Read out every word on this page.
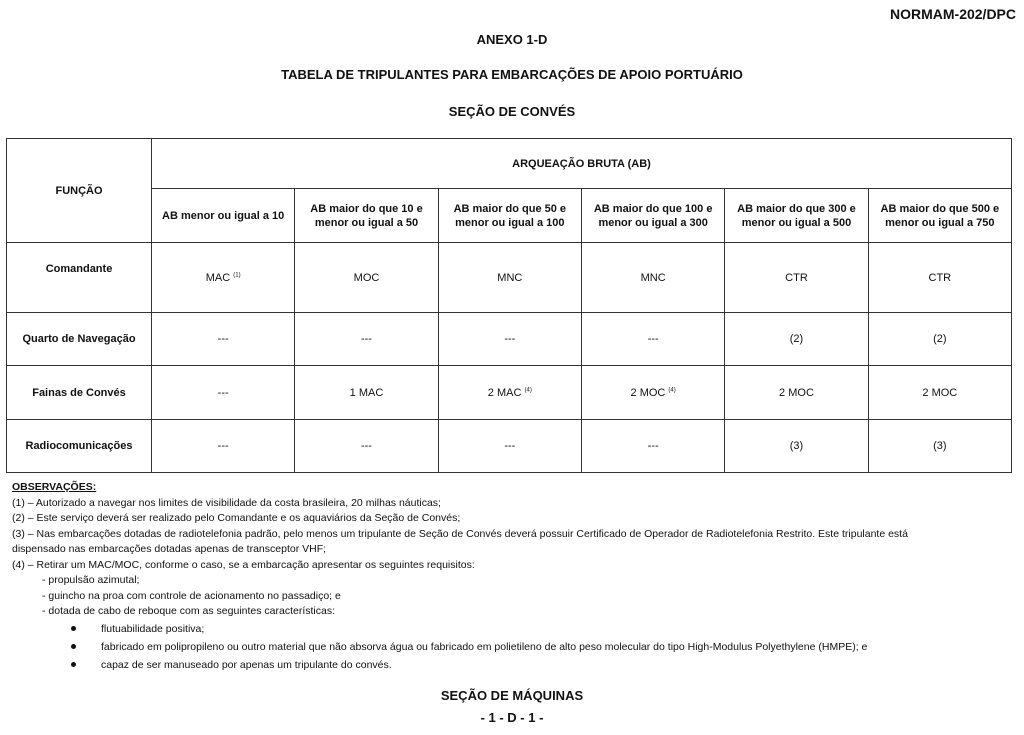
NORMAM-202/DPC
ANEXO 1-D
TABELA DE TRIPULANTES PARA EMBARCAÇÕES DE APOIO PORTUÁRIO
SEÇÃO DE CONVÉS
FUNÇÃO	ARQUEAÇÃO BRUTA (AB)					
	AB menor ou igual a 10	AB maior do que 10 e menor ou igual a 50	AB maior do que 50 e menor ou igual a 100	AB maior do que 100 e menor ou igual a 300	AB maior do que 300 e menor ou igual a 500	AB maior do que 500 e menor ou igual a 750
Comandante	MAC $^{(1)}$	MOC	MNC	MNC	CTR	CTR
Quarto de Navegação	---	---	---	---	(2)	(2)
Fainas de Convés	---	1 MAC	2 MAC $^{(4)}$	2 MOC $^{(4)}$	2 MOC	2 MOC
Radiocomunicações	---	---	---	---	(3)	(3)

OBSERVAÇÕES:

(1) – Autorizado a navegar nos limites de visibilidade da costa brasileira, 20 milhas náuticas;

(2) – Este serviço deverá ser realizado pelo Comandante e os aquaviários da Seção de Convés;

(3) – Nas embarcações dotadas de radiotelefonia padrão, pelo menos um tripulante de Seção de Convés deverá possuir Certificado de Operador de Radiotelefonia Restrito. Este tripulante está

dispensado nas embarcações dotadas apenas de transceptor VHF;

(4) – Retirar um MAC/MOC, conforme o caso, se a embarcação apresentar os seguintes requisitos:

- propulsão azimutal;

- guincho na proa com controle de acionamento no passadiço; e

- dotada de cabo de reboque com as seguintes características:

flutuabilidade positiva;
fabricado em polipropileno ou outro material que não absorva água ou fabricado em polietileno de alto peso molecular do tipo High-Modulus Polyethylene (HMPE); e
capaz de ser manuseado por apenas um tripulante do convés.
SEÇÃO DE MÁQUINAS
- 1 - D - 1 -
